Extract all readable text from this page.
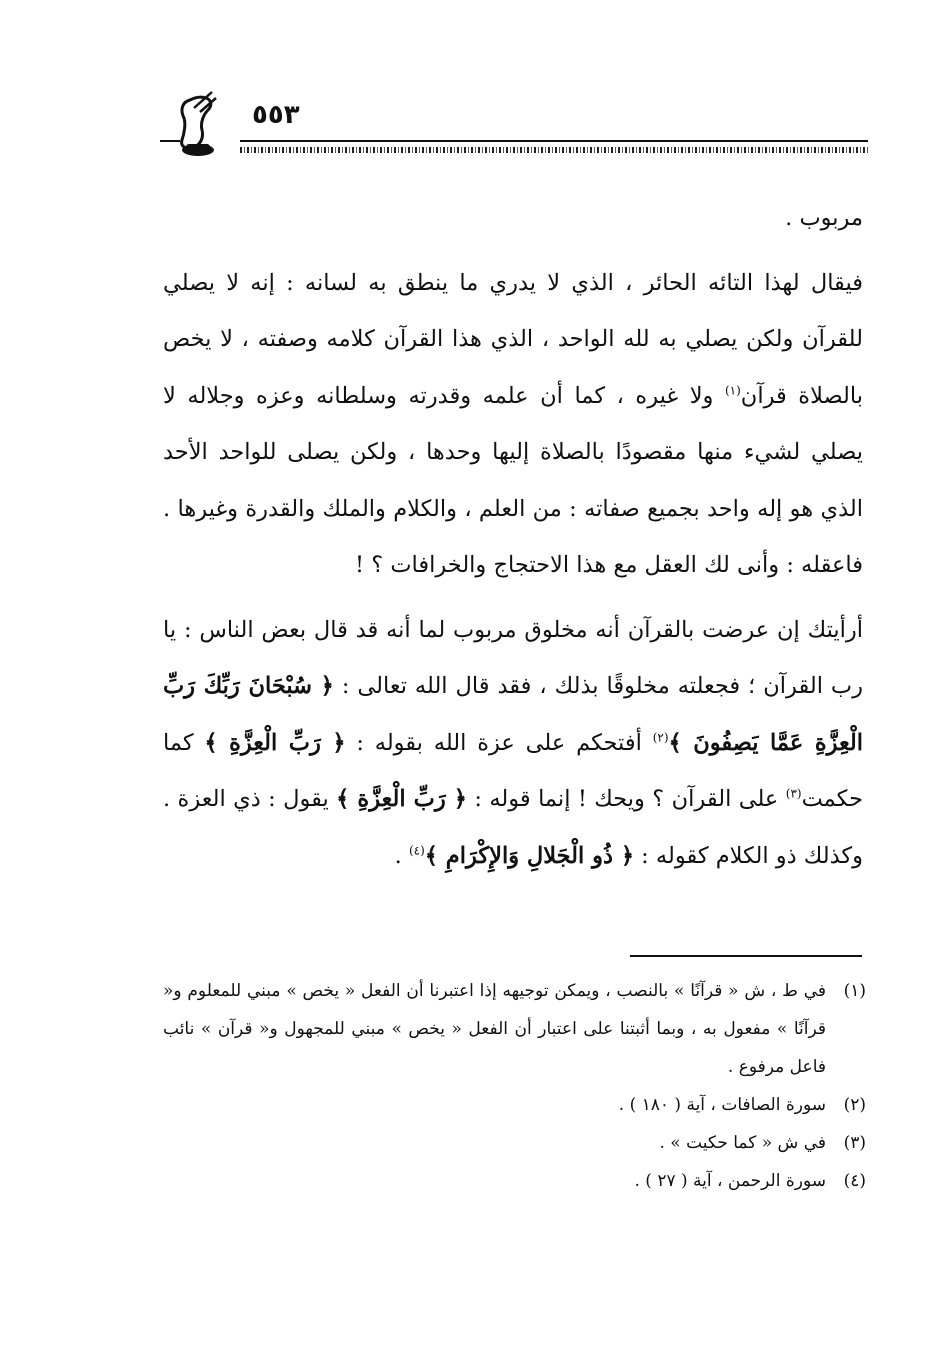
٥٥٣

مربوب .

فيقال لهذا التائه الحائر ، الذي لا يدري ما ينطق به لسانه : إنه لا يصلي للقرآن ولكن يصلي به لله الواحد ، الذي هذا القرآن كلامه وصفته ، لا يخص بالصلاة قرآن$^{(١)}$ ولا غيره ، كما أن علمه وقدرته وسلطانه وعزه وجلاله لا يصلي لشيء منها مقصودًا بالصلاة إليها وحدها ، ولكن يصلى للواحد الأحد الذي هو إله واحد بجميع صفاته : من العلم ، والكلام والملك والقدرة وغيرها . فاعقله : وأنى لك العقل مع هذا الاحتجاج والخرافات ؟ !

أرأيتك إن عرضت بالقرآن أنه مخلوق مربوب لما أنه قد قال بعض الناس : يا رب القرآن ؛ فجعلته مخلوقًا بذلك ، فقد قال الله تعالى : ﴿ سُبْحَانَ رَبِّكَ رَبِّ الْعِزَّةِ عَمَّا يَصِفُونَ ﴾$^{(٢)}$ أفتحكم على عزة الله بقوله : ﴿ رَبِّ الْعِزَّةِ ﴾ كما حكمت$^{(٣)}$ على القرآن ؟ ويحك ! إنما قوله : ﴿ رَبِّ الْعِزَّةِ ﴾ يقول : ذي العزة . وكذلك ذو الكلام كقوله : ﴿ ذُو الْجَلالِ وَالإِكْرَامِ ﴾$^{(٤)}$ .

(١)
في ط ، ش « قرآنًا » بالنصب ، ويمكن توجيهه إذا اعتبرنا أن الفعل « يخص » مبني للمعلوم و« قرآنًا » مفعول به ، وبما أثبتنا على اعتبار أن الفعل « يخص » مبني للمجهول و« قرآن » نائب فاعل مرفوع .
(٢)
سورة الصافات ، آية ( ١٨٠ ) .
(٣)
في ش « كما حكيت » .
(٤)
سورة الرحمن ، آية ( ٢٧ ) .
